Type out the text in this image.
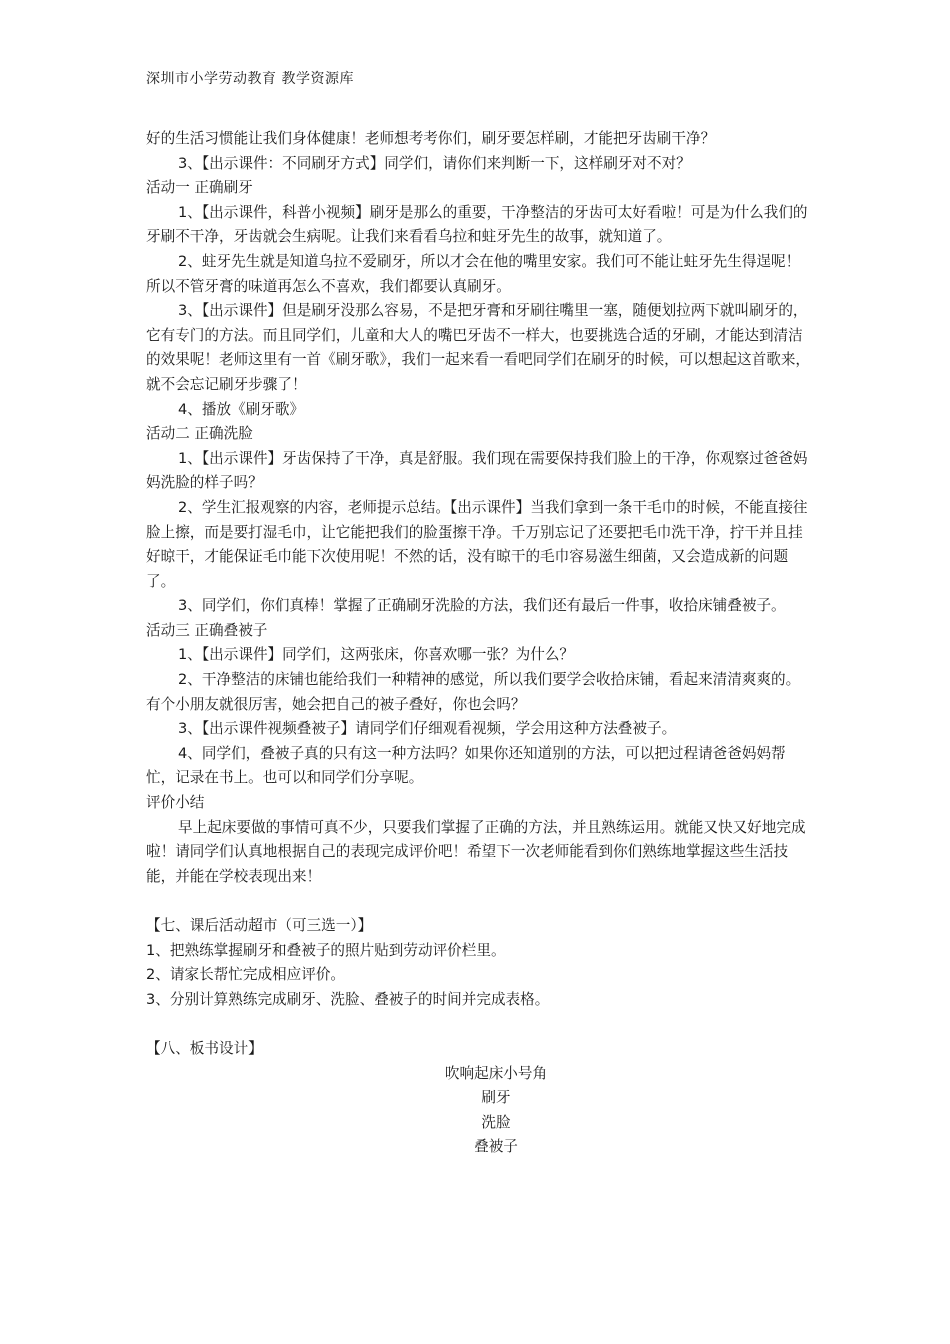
深圳市小学劳动教育 教学资源库

好的生活习惯能让我们身体健康！老师想考考你们，刷牙要怎样刷，才能把牙齿刷干净？

3、【出示课件：不同刷牙方式】同学们，请你们来判断一下，这样刷牙对不对？

活动一 正确刷牙

1、【出示课件，科普小视频】刷牙是那么的重要，干净整洁的牙齿可太好看啦！可是为什么我们的牙刷不干净，牙齿就会生病呢。让我们来看看乌拉和蛀牙先生的故事，就知道了。

2、蛀牙先生就是知道乌拉不爱刷牙，所以才会在他的嘴里安家。我们可不能让蛀牙先生得逞呢！所以不管牙膏的味道再怎么不喜欢，我们都要认真刷牙。

3、【出示课件】但是刷牙没那么容易，不是把牙膏和牙刷往嘴里一塞，随便划拉两下就叫刷牙的，它有专门的方法。而且同学们，儿童和大人的嘴巴牙齿不一样大，也要挑选合适的牙刷，才能达到清洁的效果呢！老师这里有一首《刷牙歌》，我们一起来看一看吧同学们在刷牙的时候，可以想起这首歌来，就不会忘记刷牙步骤了！

4、播放《刷牙歌》

活动二 正确洗脸

1、【出示课件】牙齿保持了干净，真是舒服。我们现在需要保持我们脸上的干净，你观察过爸爸妈妈洗脸的样子吗？

2、学生汇报观察的内容，老师提示总结。【出示课件】当我们拿到一条干毛巾的时候，不能直接往脸上擦，而是要打湿毛巾，让它能把我们的脸蛋擦干净。千万别忘记了还要把毛巾洗干净，拧干并且挂好晾干，才能保证毛巾能下次使用呢！不然的话，没有晾干的毛巾容易滋生细菌，又会造成新的问题了。

3、同学们，你们真棒！掌握了正确刷牙洗脸的方法，我们还有最后一件事，收拾床铺叠被子。

活动三 正确叠被子

1、【出示课件】同学们，这两张床，你喜欢哪一张？为什么？

2、干净整洁的床铺也能给我们一种精神的感觉，所以我们要学会收拾床铺，看起来清清爽爽的。有个小朋友就很厉害，她会把自己的被子叠好，你也会吗？

3、【出示课件视频叠被子】请同学们仔细观看视频，学会用这种方法叠被子。

4、同学们，叠被子真的只有这一种方法吗？如果你还知道别的方法，可以把过程请爸爸妈妈帮忙，记录在书上。也可以和同学们分享呢。

评价小结

早上起床要做的事情可真不少，只要我们掌握了正确的方法，并且熟练运用。就能又快又好地完成啦！请同学们认真地根据自己的表现完成评价吧！希望下一次老师能看到你们熟练地掌握这些生活技能，并能在学校表现出来！

【七、课后活动超市（可三选一）】

1、把熟练掌握刷牙和叠被子的照片贴到劳动评价栏里。

2、请家长帮忙完成相应评价。

3、分别计算熟练完成刷牙、洗脸、叠被子的时间并完成表格。

【八、板书设计】

吹响起床小号角

刷牙

洗脸

叠被子
